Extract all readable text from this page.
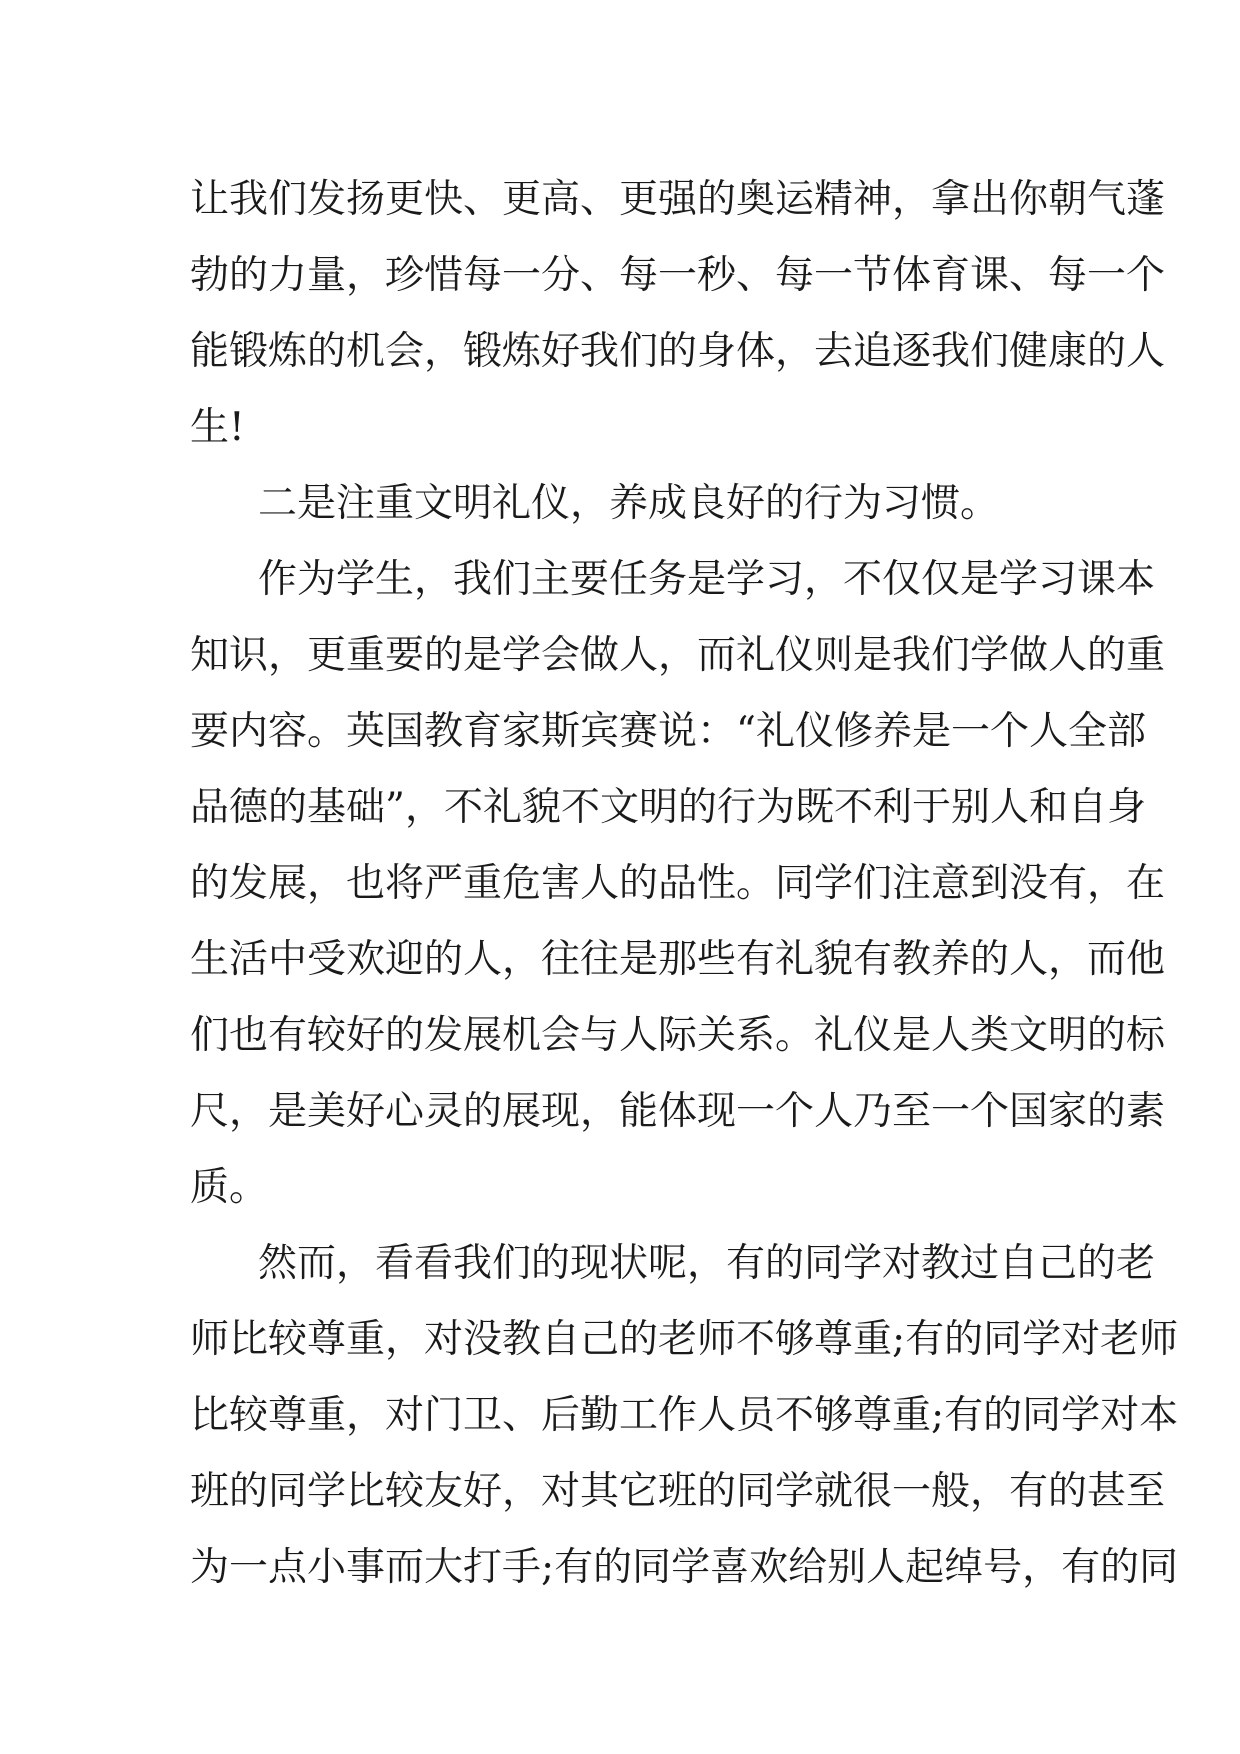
让我们发扬更快、更高、更强的奥运精神，拿出你朝气蓬
勃的力量，珍惜每一分、每一秒、每一节体育课、每一个
能锻炼的机会，锻炼好我们的身体，去追逐我们健康的人
生!
二是注重文明礼仪，养成良好的行为习惯。
作为学生，我们主要任务是学习，不仅仅是学习课本
知识，更重要的是学会做人，而礼仪则是我们学做人的重
要内容。英国教育家斯宾赛说：“礼仪修养是一个人全部
品德的基础”，不礼貌不文明的行为既不利于别人和自身
的发展，也将严重危害人的品性。同学们注意到没有，在
生活中受欢迎的人，往往是那些有礼貌有教养的人，而他
们也有较好的发展机会与人际关系。礼仪是人类文明的标
尺，是美好心灵的展现，能体现一个人乃至一个国家的素
质。
然而，看看我们的现状呢，有的同学对教过自己的老
师比较尊重，对没教自己的老师不够尊重;有的同学对老师
比较尊重，对门卫、后勤工作人员不够尊重;有的同学对本
班的同学比较友好，对其它班的同学就很一般，有的甚至
为一点小事而大打手;有的同学喜欢给别人起绰号，有的同
